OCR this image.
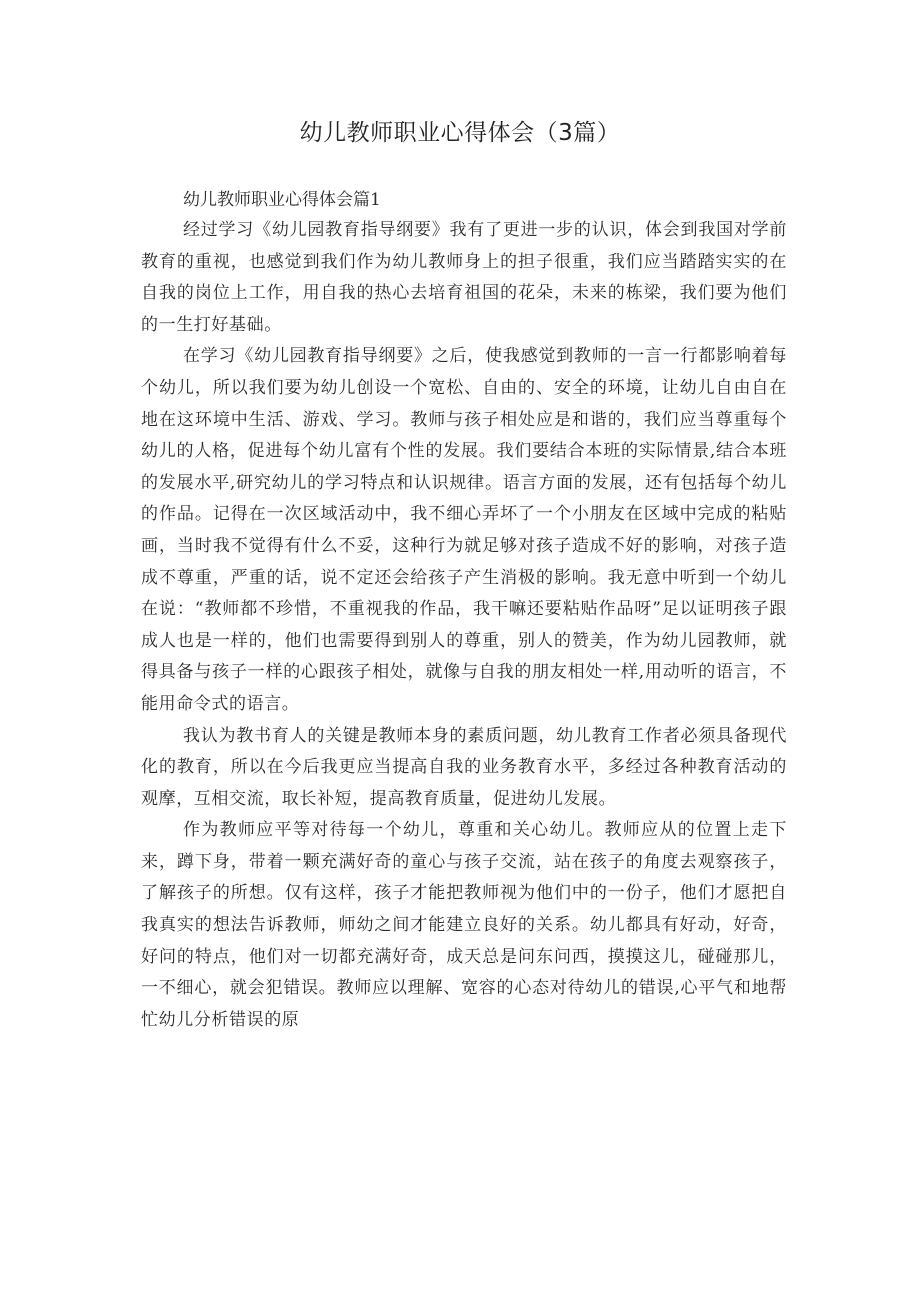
幼儿教师职业心得体会（3篇）
幼儿教师职业心得体会篇1

经过学习《幼儿园教育指导纲要》我有了更进一步的认识，体会到我国对学前教育的重视，也感觉到我们作为幼儿教师身上的担子很重，我们应当踏踏实实的在自我的岗位上工作，用自我的热心去培育祖国的花朵，未来的栋梁，我们要为他们的一生打好基础。

在学习《幼儿园教育指导纲要》之后，使我感觉到教师的一言一行都影响着每个幼儿，所以我们要为幼儿创设一个宽松、自由的、安全的环境，让幼儿自由自在地在这环境中生活、游戏、学习。教师与孩子相处应是和谐的，我们应当尊重每个幼儿的人格，促进每个幼儿富有个性的发展。我们要结合本班的实际情景,结合本班的发展水平,研究幼儿的学习特点和认识规律。语言方面的发展，还有包括每个幼儿的作品。记得在一次区域活动中，我不细心弄坏了一个小朋友在区域中完成的粘贴画，当时我不觉得有什么不妥，这种行为就足够对孩子造成不好的影响，对孩子造成不尊重，严重的话，说不定还会给孩子产生消极的影响。我无意中听到一个幼儿在说：“教师都不珍惜，不重视我的作品，我干嘛还要粘贴作品呀”足以证明孩子跟成人也是一样的，他们也需要得到别人的尊重，别人的赞美，作为幼儿园教师，就得具备与孩子一样的心跟孩子相处，就像与自我的朋友相处一样,用动听的语言，不能用命令式的语言。

我认为教书育人的关键是教师本身的素质问题，幼儿教育工作者必须具备现代化的教育，所以在今后我更应当提高自我的业务教育水平，多经过各种教育活动的观摩，互相交流，取长补短，提高教育质量，促进幼儿发展。

作为教师应平等对待每一个幼儿，尊重和关心幼儿。教师应从的位置上走下来，蹲下身，带着一颗充满好奇的童心与孩子交流，站在孩子的角度去观察孩子，了解孩子的所想。仅有这样，孩子才能把教师视为他们中的一份子，他们才愿把自我真实的想法告诉教师，师幼之间才能建立良好的关系。幼儿都具有好动，好奇，好问的特点，他们对一切都充满好奇，成天总是问东问西，摸摸这儿，碰碰那儿，一不细心，就会犯错误。教师应以理解、宽容的心态对待幼儿的错误,心平气和地帮忙幼儿分析错误的原
